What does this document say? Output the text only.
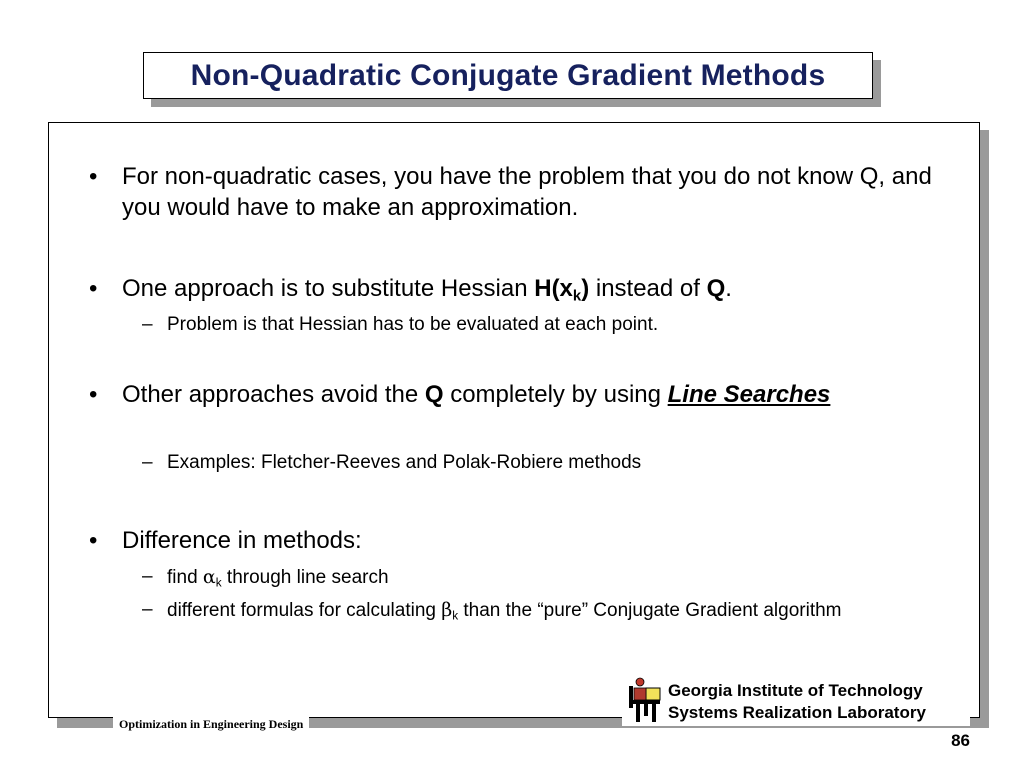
Non-Quadratic Conjugate Gradient Methods
• For non-quadratic cases, you have the problem that you do not know Q, and you would have to make an approximation.
• One approach is to substitute Hessian $H(x_k)$ instead of Q.
– Problem is that Hessian has to be evaluated at each point.
• Other approaches avoid the Q completely by using Line Searches
– Examples: Fletcher-Reeves and Polak-Robiere methods
• Difference in methods:
– find $\alpha_k$ through line search
– different formulas for calculating $\beta_k$ than the “pure” Conjugate Gradient algorithm
Optimization in Engineering Design
Georgia Institute of Technology
Systems Realization Laboratory
86
